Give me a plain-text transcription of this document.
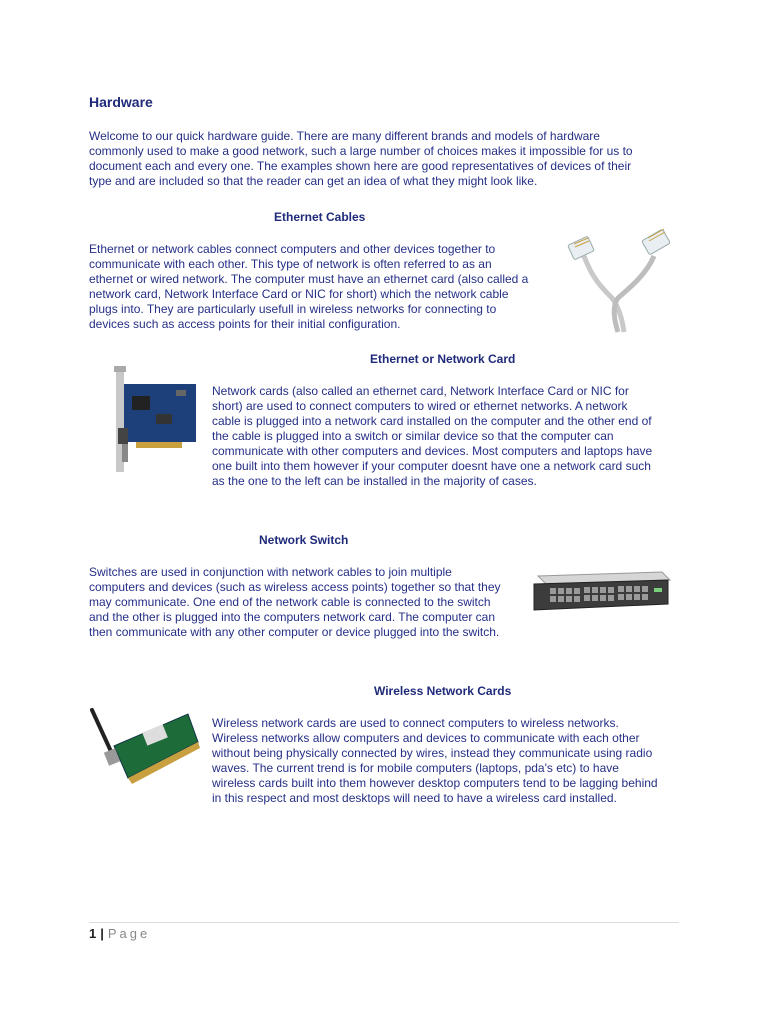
Hardware
Welcome to our quick hardware guide. There are many different brands and models of hardware
commonly used to make a good network, such a large number of choices makes it impossible for us to
document each and every one. The examples shown here are good representatives of devices of their
type and are included so that the reader can get an idea of what they might look like.
Ethernet Cables
Ethernet or network cables connect computers and other devices together to
communicate with each other. This type of network is often referred to as an
ethernet or wired network. The computer must have an ethernet card (also called a
network card, Network Interface Card or NIC for short) which the network cable
plugs into. They are particularly usefull in wireless networks for connecting to
devices such as access points for their initial configuration.
Ethernet or Network Card
Network cards (also called an ethernet card, Network Interface Card or NIC for
short) are used to connect computers to wired or ethernet networks. A network
cable is plugged into a network card installed on the computer and the other end of
the cable is plugged into a switch or similar device so that the computer can
communicate with other computers and devices. Most computers and laptops have
one built into them however if your computer doesnt have one a network card such
as the one to the left can be installed in the majority of cases.
Network Switch
Switches are used in conjunction with network cables to join multiple
computers and devices (such as wireless access points) together so that they
may communicate. One end of the network cable is connected to the switch
and the other is plugged into the computers network card. The computer can
then communicate with any other computer or device plugged into the switch.
Wireless Network Cards
Wireless network cards are used to connect computers to wireless networks.
Wireless networks allow computers and devices to communicate with each other
without being physically connected by wires, instead they communicate using radio
waves. The current trend is for mobile computers (laptops, pda's etc) to have
wireless cards built into them however desktop computers tend to be lagging behind
in this respect and most desktops will need to have a wireless card installed.
1 | Page
